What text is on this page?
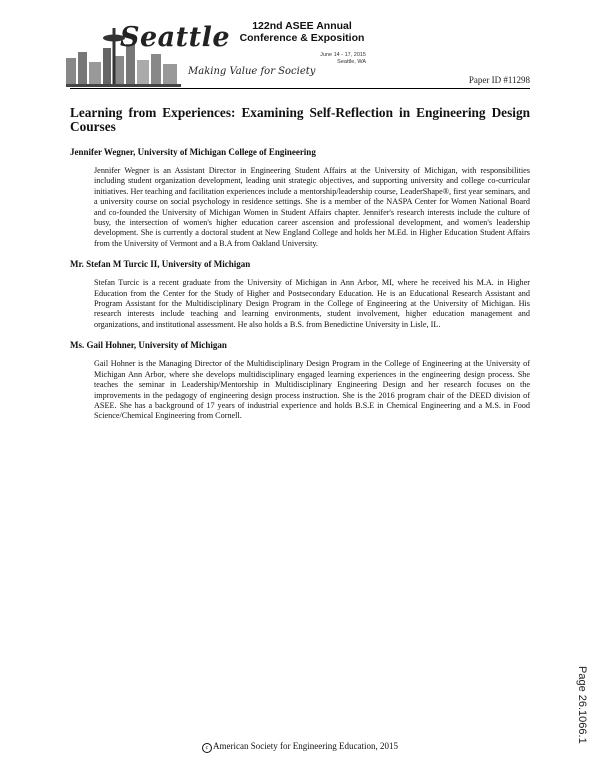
Seattle
Making Value for Society
122nd ASEE Annual
Conference & Exposition
June 14 - 17, 2015
Seattle, WA
Paper ID #11298
Learning from Experiences: Examining Self-Reflection in Engineering Design Courses
Jennifer Wegner, University of Michigan College of Engineering

Jennifer Wegner is an Assistant Director in Engineering Student Affairs at the University of Michigan, with responsibilities including student organization development, leading unit strategic objectives, and supporting university and college co-curricular initiatives. Her teaching and facilitation experiences include a mentorship/leadership course, LeaderShape®, first year seminars, and a university course on social psychology in residence settings. She is a member of the NASPA Center for Women National Board and co-founded the University of Michigan Women in Student Affairs chapter. Jennifer's research interests include the culture of busy, the intersection of women's higher education career ascension and professional development, and women's leadership development. She is currently a doctoral student at New England College and holds her M.Ed. in Higher Education Student Affairs from the University of Vermont and a B.A from Oakland University.

Mr. Stefan M Turcic II, University of Michigan

Stefan Turcic is a recent graduate from the University of Michigan in Ann Arbor, MI, where he received his M.A. in Higher Education from the Center for the Study of Higher and Postsecondary Education. He is an Educational Research Assistant and Program Assistant for the Multidisciplinary Design Program in the College of Engineering at the University of Michigan. His research interests include teaching and learning environments, student involvement, higher education management and organizations, and institutional assessment. He also holds a B.S. from Benedictine University in Lisle, IL.

Ms. Gail Hohner, University of Michigan

Gail Hohner is the Managing Director of the Multidisciplinary Design Program in the College of Engineering at the University of Michigan Ann Arbor, where she develops multidisciplinary engaged learning experiences in the engineering design process. She teaches the seminar in Leadership/Mentorship in Multidisciplinary Engineering Design and her research focuses on the improvements in the pedagogy of engineering design process instruction. She is the 2016 program chair of the DEED division of ASEE. She has a background of 17 years of industrial experience and holds B.S.E in Chemical Engineering and a M.S. in Food Science/Chemical Engineering from Cornell.

Page 26.1066.1
c American Society for Engineering Education, 2015
